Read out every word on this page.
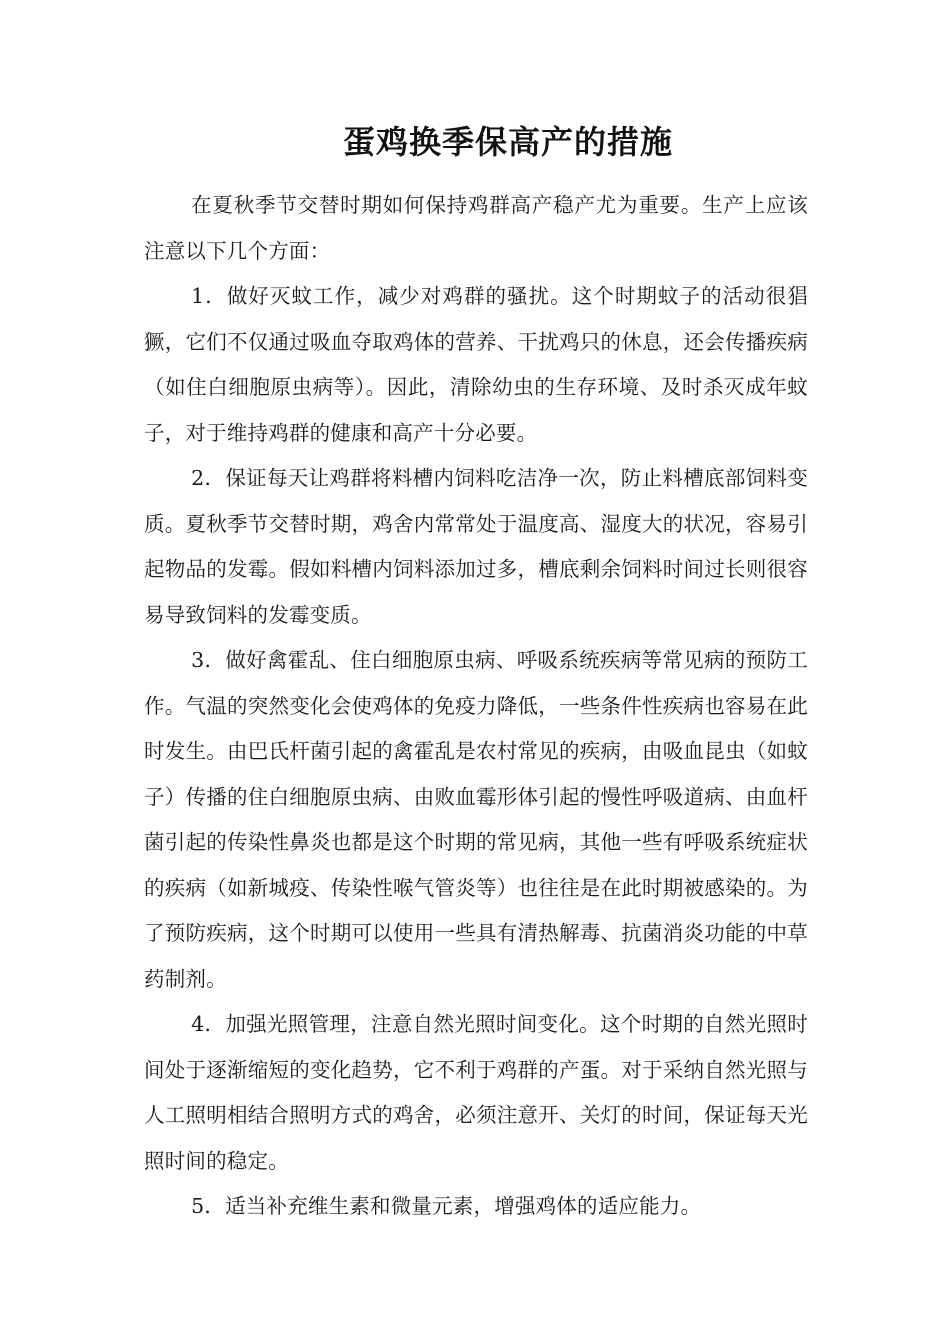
蛋鸡换季保高产的措施

在夏秋季节交替时期如何保持鸡群高产稳产尤为重要。生产上应该注意以下几个方面：

1．做好灭蚊工作，减少对鸡群的骚扰。这个时期蚊子的活动很猖獗，它们不仅通过吸血夺取鸡体的营养、干扰鸡只的休息，还会传播疾病（如住白细胞原虫病等）。因此，清除幼虫的生存环境、及时杀灭成年蚊子，对于维持鸡群的健康和高产十分必要。

2．保证每天让鸡群将料槽内饲料吃洁净一次，防止料槽底部饲料变质。夏秋季节交替时期，鸡舍内常常处于温度高、湿度大的状况，容易引起物品的发霉。假如料槽内饲料添加过多，槽底剩余饲料时间过长则很容易导致饲料的发霉变质。

3．做好禽霍乱、住白细胞原虫病、呼吸系统疾病等常见病的预防工作。气温的突然变化会使鸡体的免疫力降低，一些条件性疾病也容易在此时发生。由巴氏杆菌引起的禽霍乱是农村常见的疾病，由吸血昆虫（如蚊子）传播的住白细胞原虫病、由败血霉形体引起的慢性呼吸道病、由血杆菌引起的传染性鼻炎也都是这个时期的常见病，其他一些有呼吸系统症状的疾病（如新城疫、传染性喉气管炎等）也往往是在此时期被感染的。为了预防疾病，这个时期可以使用一些具有清热解毒、抗菌消炎功能的中草药制剂。

4．加强光照管理，注意自然光照时间变化。这个时期的自然光照时间处于逐渐缩短的变化趋势，它不利于鸡群的产蛋。对于采纳自然光照与人工照明相结合照明方式的鸡舍，必须注意开、关灯的时间，保证每天光照时间的稳定。

5．适当补充维生素和微量元素，增强鸡体的适应能力。
